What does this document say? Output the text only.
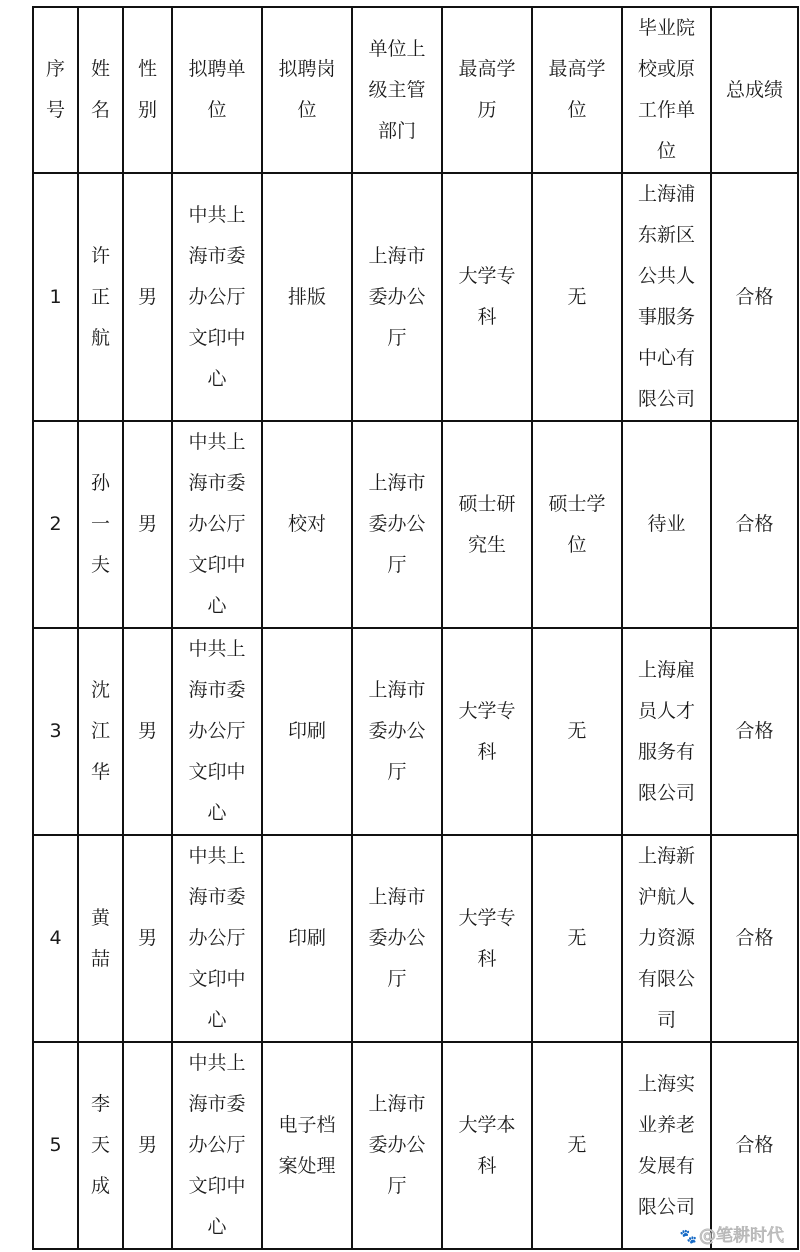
序号	姓名	性别	拟聘单位	拟聘岗位	单位上级主管部门	最高学历	最高学位	毕业院校或原工作单位	总成绩
1	许正航	男	中共上海市委办公厅文印中心	排版	上海市委办公厅	大学专科	无	上海浦东新区公共人事服务中心有限公司	合格
2	孙一夫	男	中共上海市委办公厅文印中心	校对	上海市委办公厅	硕士研究生	硕士学位	待业	合格
3	沈江华	男	中共上海市委办公厅文印中心	印刷	上海市委办公厅	大学专科	无	上海雇员人才服务有限公司	合格
4	黄喆	男	中共上海市委办公厅文印中心	印刷	上海市委办公厅	大学专科	无	上海新沪航人力资源有限公司	合格
5	李天成	男	中共上海市委办公厅文印中心	电子档案处理	上海市委办公厅	大学本科	无	上海实业养老发展有限公司	合格
🐾 @笔耕时代
